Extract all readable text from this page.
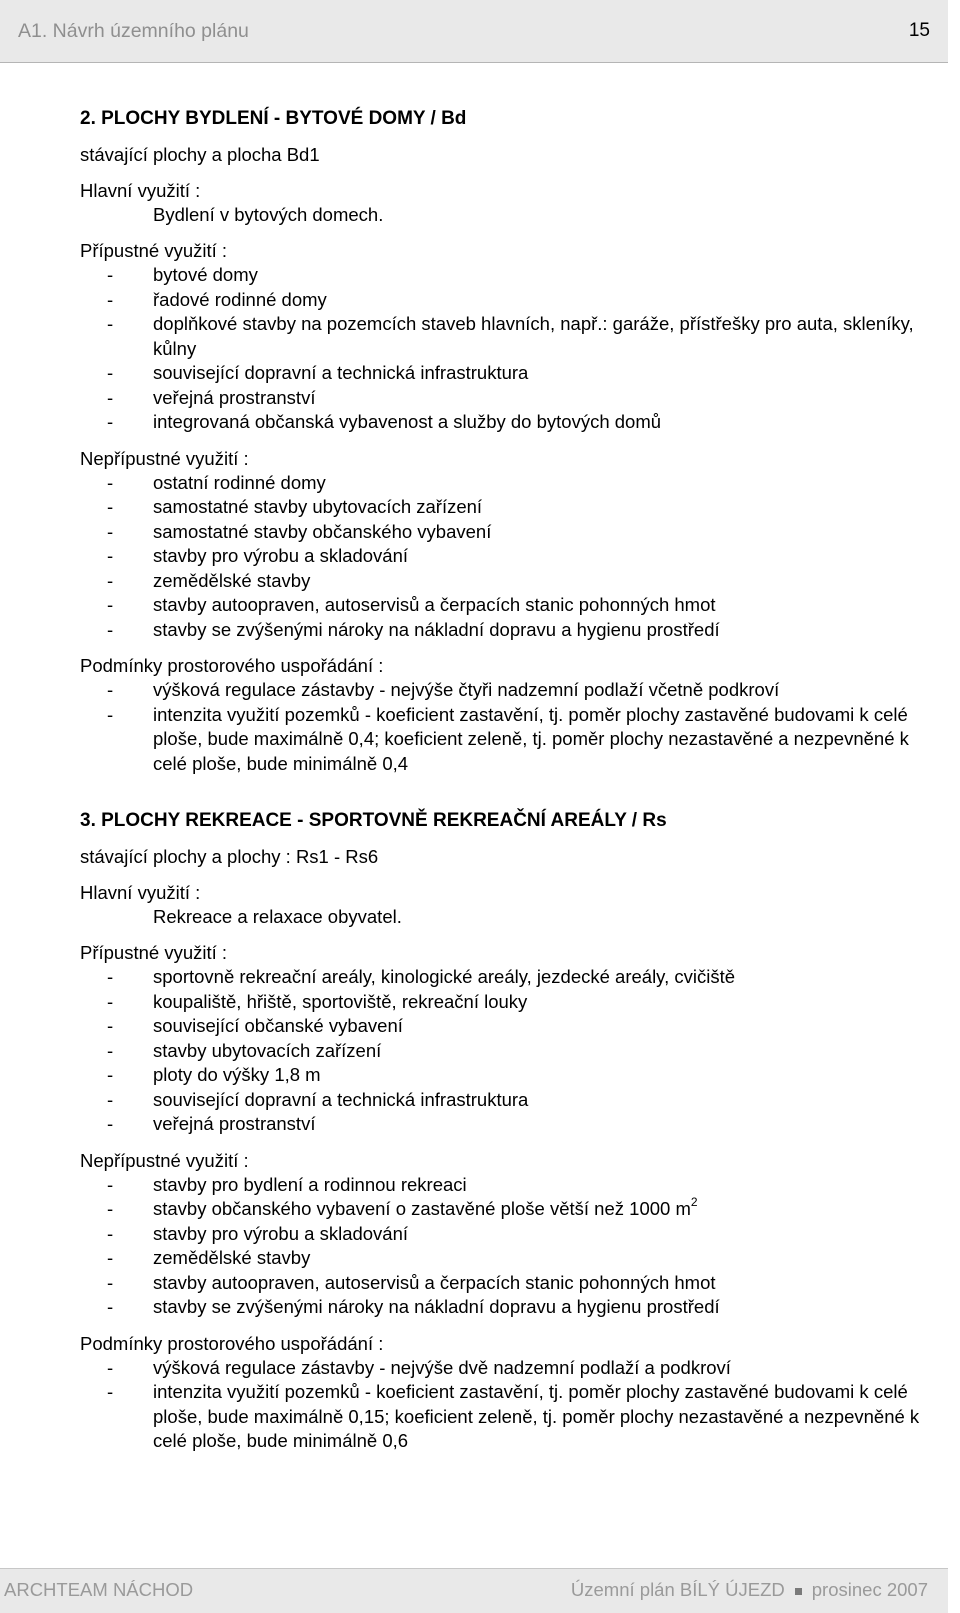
A1. Návrh územního plánu	15
2. PLOCHY BYDLENÍ - BYTOVÉ DOMY / Bd
stávající plochy a plocha Bd1
Hlavní využití :
Bydlení v bytových domech.
Přípustné využití :
- bytové domy
- řadové rodinné domy
- doplňkové stavby na pozemcích staveb hlavních, např.: garáže, přístřešky pro auta, skleníky, kůlny
- související dopravní a technická infrastruktura
- veřejná prostranství
- integrovaná občanská vybavenost a služby do bytových domů
Nepřípustné využití :
- ostatní rodinné domy
- samostatné stavby ubytovacích zařízení
- samostatné stavby občanského vybavení
- stavby pro výrobu a skladování
- zemědělské stavby
- stavby autoopraven, autoservisů a čerpacích stanic pohonných hmot
- stavby se zvýšenými nároky na nákladní dopravu a hygienu prostředí
Podmínky prostorového uspořádání :
- výšková regulace zástavby - nejvýše čtyři nadzemní podlaží včetně podkroví
- intenzita využití pozemků - koeficient zastavění, tj. poměr plochy zastavěné budovami k celé ploše, bude maximálně 0,4; koeficient zeleně, tj. poměr plochy nezastavěné a nezpevněné k celé ploše, bude minimálně 0,4
3. PLOCHY REKREACE - SPORTOVNĚ REKREAČNÍ AREÁLY / Rs
stávající plochy a plochy : Rs1 - Rs6
Hlavní využití :
Rekreace a relaxace obyvatel.
Přípustné využití :
- sportovně rekreační areály, kinologické areály, jezdecké areály, cvičiště
- koupaliště, hřiště, sportoviště, rekreační louky
- související občanské vybavení
- stavby ubytovacích zařízení
- ploty do výšky 1,8 m
- související dopravní a technická infrastruktura
- veřejná prostranství
Nepřípustné využití :
- stavby pro bydlení a rodinnou rekreaci
- stavby občanského vybavení o zastavěné ploše větší než 1000 $m^2$
- stavby pro výrobu a skladování
- zemědělské stavby
- stavby autoopraven, autoservisů a čerpacích stanic pohonných hmot
- stavby se zvýšenými nároky na nákladní dopravu a hygienu prostředí
Podmínky prostorového uspořádání :
- výšková regulace zástavby - nejvýše dvě nadzemní podlaží a podkroví
- intenzita využití pozemků - koeficient zastavění, tj. poměr plochy zastavěné budovami k celé ploše, bude maximálně 0,15; koeficient zeleně, tj. poměr plochy nezastavěné a nezpevněné k celé ploše, bude minimálně 0,6
ARCHTEAM NÁCHOD	Územní plán BÍLÝ ÚJEZD prosinec 2007
